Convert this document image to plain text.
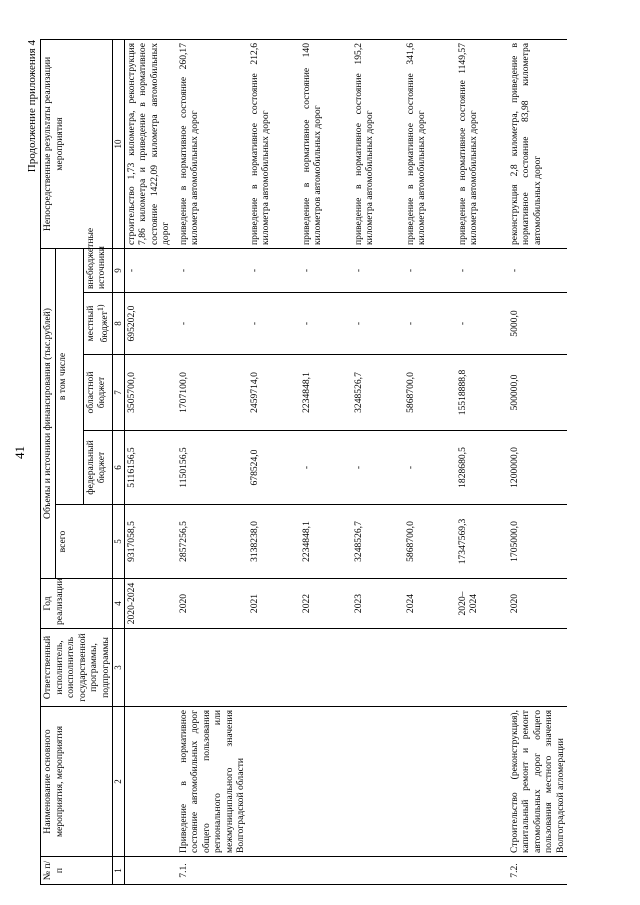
41
Продолжение приложения 4
№ п/п	Наименование основного мероприятия, мероприятия	Ответственный исполнитель, соисполнитель государственной программы, подпрограммы	Год реализации	Объемы и источники финансирования (тыс.рублей)					Непосредственные результаты реализации мероприятия
				всего	в том числе				
					федеральный бюджет	областной бюджет	местный бюджет$^{1)}$	внебюджетные источники	
1	2	3	4	5	6	7	8	9	10
			2020-2024	9317058,5	5116156,5	3505700,0	695202,0	-	строительство 1,73 километра, реконструкция 7,86 километра и приведение в нормативное состояние 1422,09 километра автомобильных дорог
7.1.	Приведение в нормативное состояние автомобильных дорог общего пользования регионального или межмуниципального значения Волгоградской области		2020	2857256,5	1150156,5	1707100,0	-	-	приведение в нормативное состояние 260,17 километра автомобильных дорог
			2021	3138238,0	678524,0	2459714,0	-	-	приведение в нормативное состояние 212,6 километра автомобильных дорог
			2022	2234848,1	-	2234848,1	-	-	приведение в нормативное состояние 140 километров автомобильных дорог
			2023	3248526,7	-	3248526,7	-	-	приведение в нормативное состояние 195,2 километра автомобильных дорог
			2024	5868700,0	-	5868700,0	-	-	приведение в нормативное состояние 341,6 километра автомобильных дорог
			2020–2024	17347569,3	1828680,5	15518888,8	-	-	приведение в нормативное состояние 1149,57 километра автомобильных дорог
7.2.	Строительство (реконструкция), капитальный ремонт и ремонт автомобильных дорог общего пользования местного значения Волгоградской агломерации		2020	1705000,0	1200000,0	500000,0	5000,0	-	реконструкция 2,8 километра, приведение в нормативное состояние 83,98 километра автомобильных дорог
